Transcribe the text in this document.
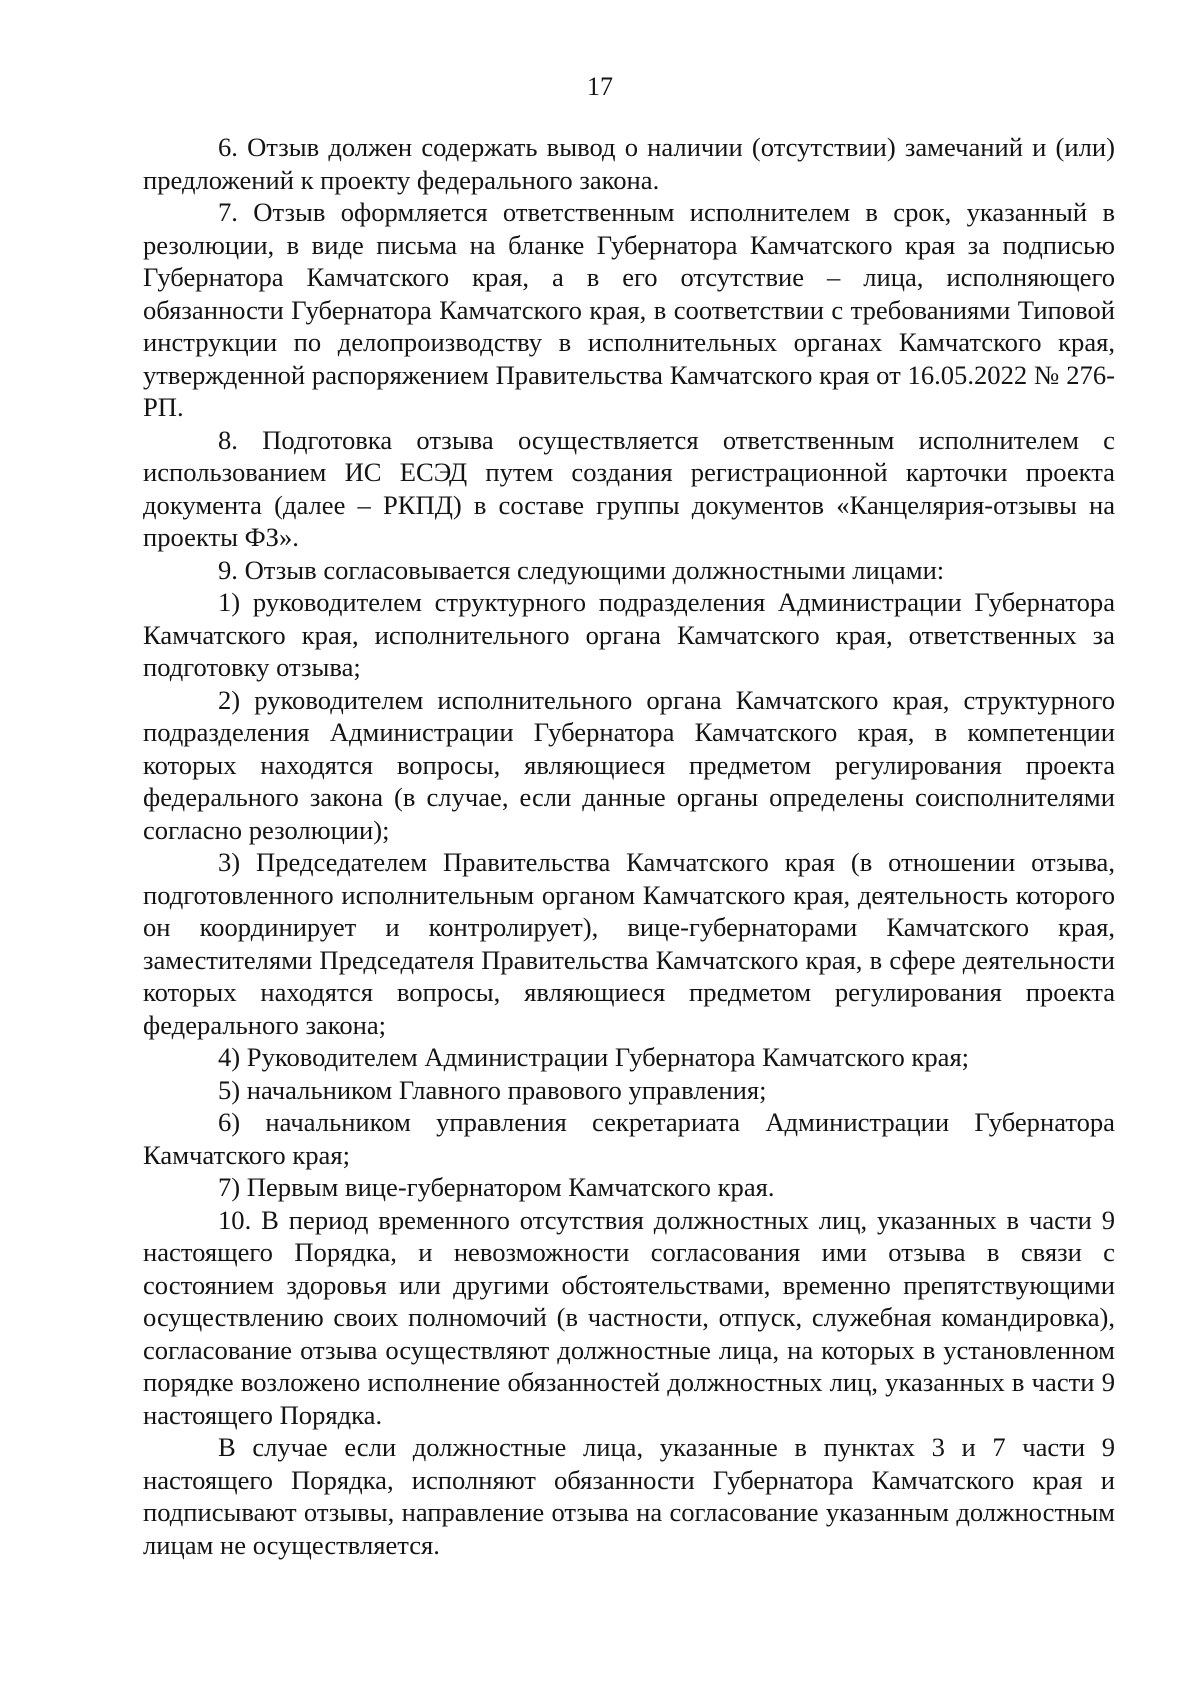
17

6. Отзыв должен содержать вывод о наличии (отсутствии) замечаний и (или) предложений к проекту федерального закона.

7. Отзыв оформляется ответственным исполнителем в срок, указанный в резолюции, в виде письма на бланке Губернатора Камчатского края за подписью Губернатора Камчатского края, а в его отсутствие – лица, исполняющего обязанности Губернатора Камчатского края, в соответствии с требованиями Типовой инструкции по делопроизводству в исполнительных органах Камчатского края, утвержденной распоряжением Правительства Камчатского края от 16.05.2022 № 276-РП.

8. Подготовка отзыва осуществляется ответственным исполнителем с использованием ИС ЕСЭД путем создания регистрационной карточки проекта документа (далее – РКПД) в составе группы документов «Канцелярия-отзывы на проекты ФЗ».

9. Отзыв согласовывается следующими должностными лицами:

1) руководителем структурного подразделения Администрации Губернатора Камчатского края, исполнительного органа Камчатского края, ответственных за подготовку отзыва;

2) руководителем исполнительного органа Камчатского края, структурного подразделения Администрации Губернатора Камчатского края, в компетенции которых находятся вопросы, являющиеся предметом регулирования проекта федерального закона (в случае, если данные органы определены соисполнителями согласно резолюции);

3) Председателем Правительства Камчатского края (в отношении отзыва, подготовленного исполнительным органом Камчатского края, деятельность которого он координирует и контролирует), вице-губернаторами Камчатского края, заместителями Председателя Правительства Камчатского края, в сфере деятельности которых находятся вопросы, являющиеся предметом регулирования проекта федерального закона;

4) Руководителем Администрации Губернатора Камчатского края;

5) начальником Главного правового управления;

6) начальником управления секретариата Администрации Губернатора Камчатского края;

7) Первым вице-губернатором Камчатского края.

10. В период временного отсутствия должностных лиц, указанных в части 9 настоящего Порядка, и невозможности согласования ими отзыва в связи с состоянием здоровья или другими обстоятельствами, временно препятствующими осуществлению своих полномочий (в частности, отпуск, служебная командировка), согласование отзыва осуществляют должностные лица, на которых в установленном порядке возложено исполнение обязанностей должностных лиц, указанных в части 9 настоящего Порядка.

В случае если должностные лица, указанные в пунктах 3 и 7 части 9 настоящего Порядка, исполняют обязанности Губернатора Камчатского края и подписывают отзывы, направление отзыва на согласование указанным должностным лицам не осуществляется.
